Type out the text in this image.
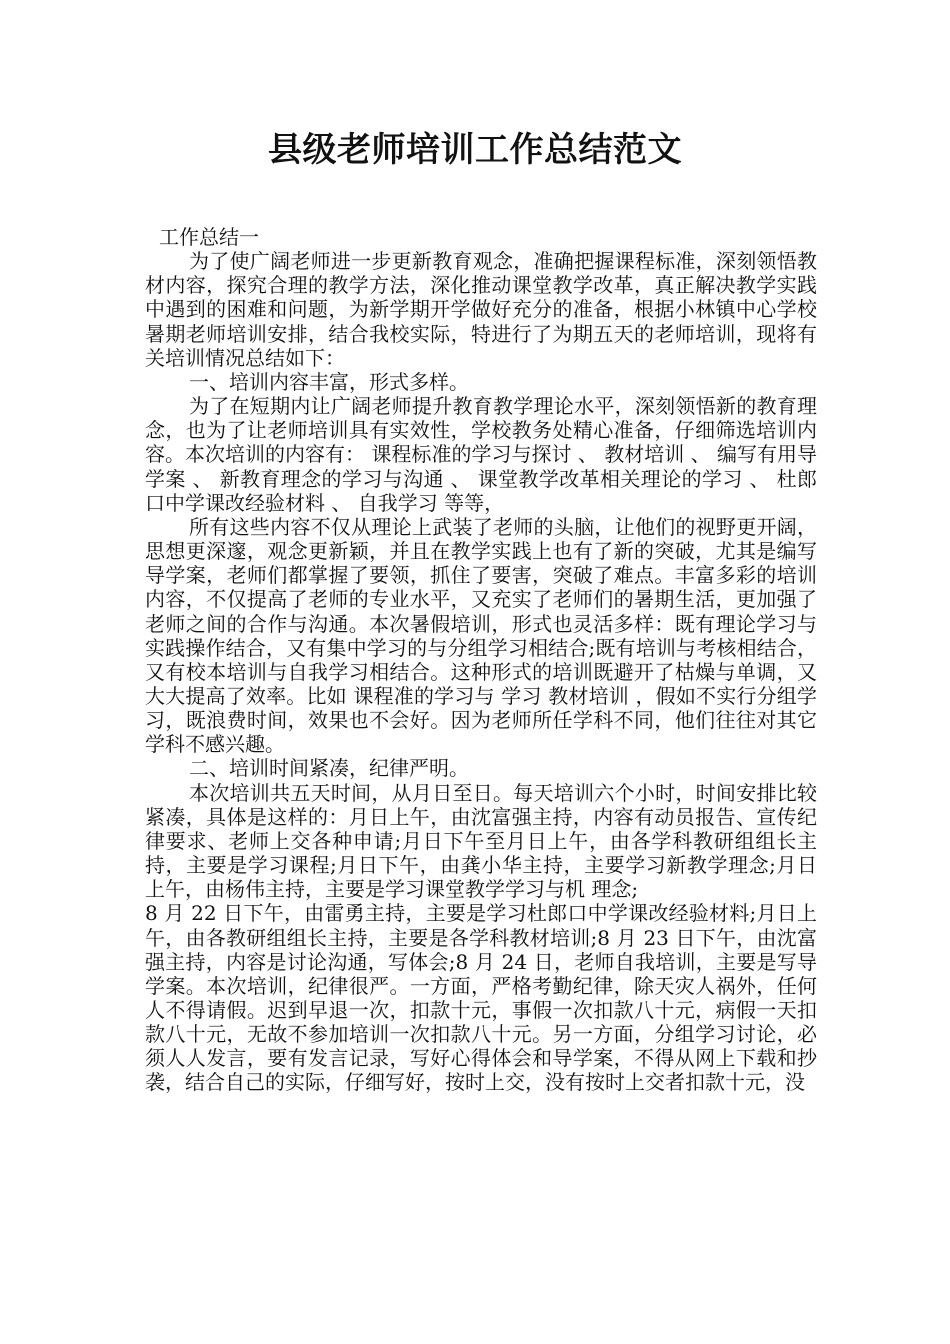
县级老师培训工作总结范文

工作总结一

为了使广阔老师进一步更新教育观念，准确把握课程标准，深刻领悟教材内容，探究合理的教学方法，深化推动课堂教学改革，真正解决教学实践中遇到的困难和问题，为新学期开学做好充分的准备，根据小林镇中心学校暑期老师培训安排，结合我校实际，特进行了为期五天的老师培训，现将有关培训情况总结如下：

一、培训内容丰富，形式多样。

为了在短期内让广阔老师提升教育教学理论水平，深刻领悟新的教育理念，也为了让老师培训具有实效性，学校教务处精心准备，仔细筛选培训内容。本次培训的内容有： 课程标准的学习与探讨 、 教材培训 、 编写有用导学案 、 新教育理念的学习与沟通 、 课堂教学改革相关理论的学习 、 杜郎口中学课改经验材料 、 自我学习 等等，

所有这些内容不仅从理论上武装了老师的头脑，让他们的视野更开阔，思想更深邃，观念更新颖，并且在教学实践上也有了新的突破，尤其是编写导学案，老师们都掌握了要领，抓住了要害，突破了难点。丰富多彩的培训内容，不仅提高了老师的专业水平，又充实了老师们的暑期生活，更加强了老师之间的合作与沟通。本次暑假培训，形式也灵活多样：既有理论学习与实践操作结合，又有集中学习的与分组学习相结合;既有培训与考核相结合，又有校本培训与自我学习相结合。这种形式的培训既避开了枯燥与单调，又大大提高了效率。比如 课程准的学习与 学习 教材培训 ，假如不实行分组学习，既浪费时间，效果也不会好。因为老师所任学科不同，他们往往对其它学科不感兴趣。

二、培训时间紧凑，纪律严明。

本次培训共五天时间，从月日至日。每天培训六个小时，时间安排比较紧凑，具体是这样的：月日上午，由沈富强主持，内容有动员报告、宣传纪律要求、老师上交各种申请;月日下午至月日上午，由各学科教研组组长主持，主要是学习课程;月日下午，由龚小华主持，主要学习新教学理念;月日上午，由杨伟主持，主要是学习课堂教学学习与机 理念;

8 月 22 日下午，由雷勇主持，主要是学习杜郎口中学课改经验材料;月日上午，由各教研组组长主持，主要是各学科教材培训;8 月 23 日下午，由沈富强主持，内容是讨论沟通，写体会;8 月 24 日，老师自我培训，主要是写导学案。本次培训，纪律很严。一方面，严格考勤纪律，除天灾人祸外，任何人不得请假。迟到早退一次，扣款十元，事假一次扣款八十元，病假一天扣款八十元，无故不参加培训一次扣款八十元。另一方面，分组学习讨论，必须人人发言，要有发言记录，写好心得体会和导学案，不得从网上下载和抄袭，结合自己的实际，仔细写好，按时上交，没有按时上交者扣款十元，没
